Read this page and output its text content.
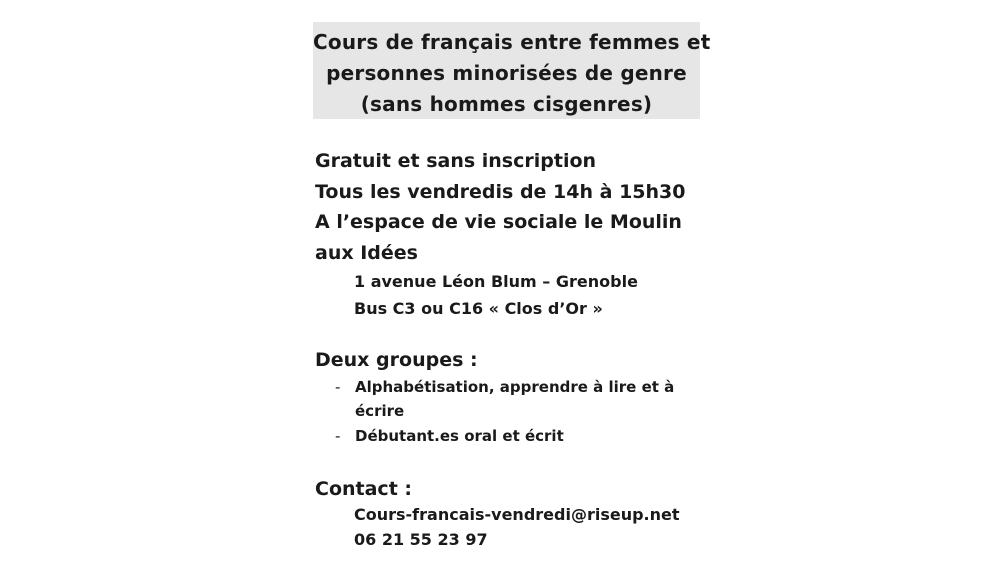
Cours de français entre femmes et
personnes minorisées de genre
(sans hommes cisgenres)
Gratuit et sans inscription
Tous les vendredis de 14h à 15h30
A l’espace de vie sociale le Moulin
aux Idées
1 avenue Léon Blum – Grenoble
Bus C3 ou C16 « Clos d’Or »
Deux groupes :
- Alphabétisation, apprendre à lire et à
écrire
- Débutant.es oral et écrit
Contact :
Cours-francais-vendredi@riseup.net
06 21 55 23 97
